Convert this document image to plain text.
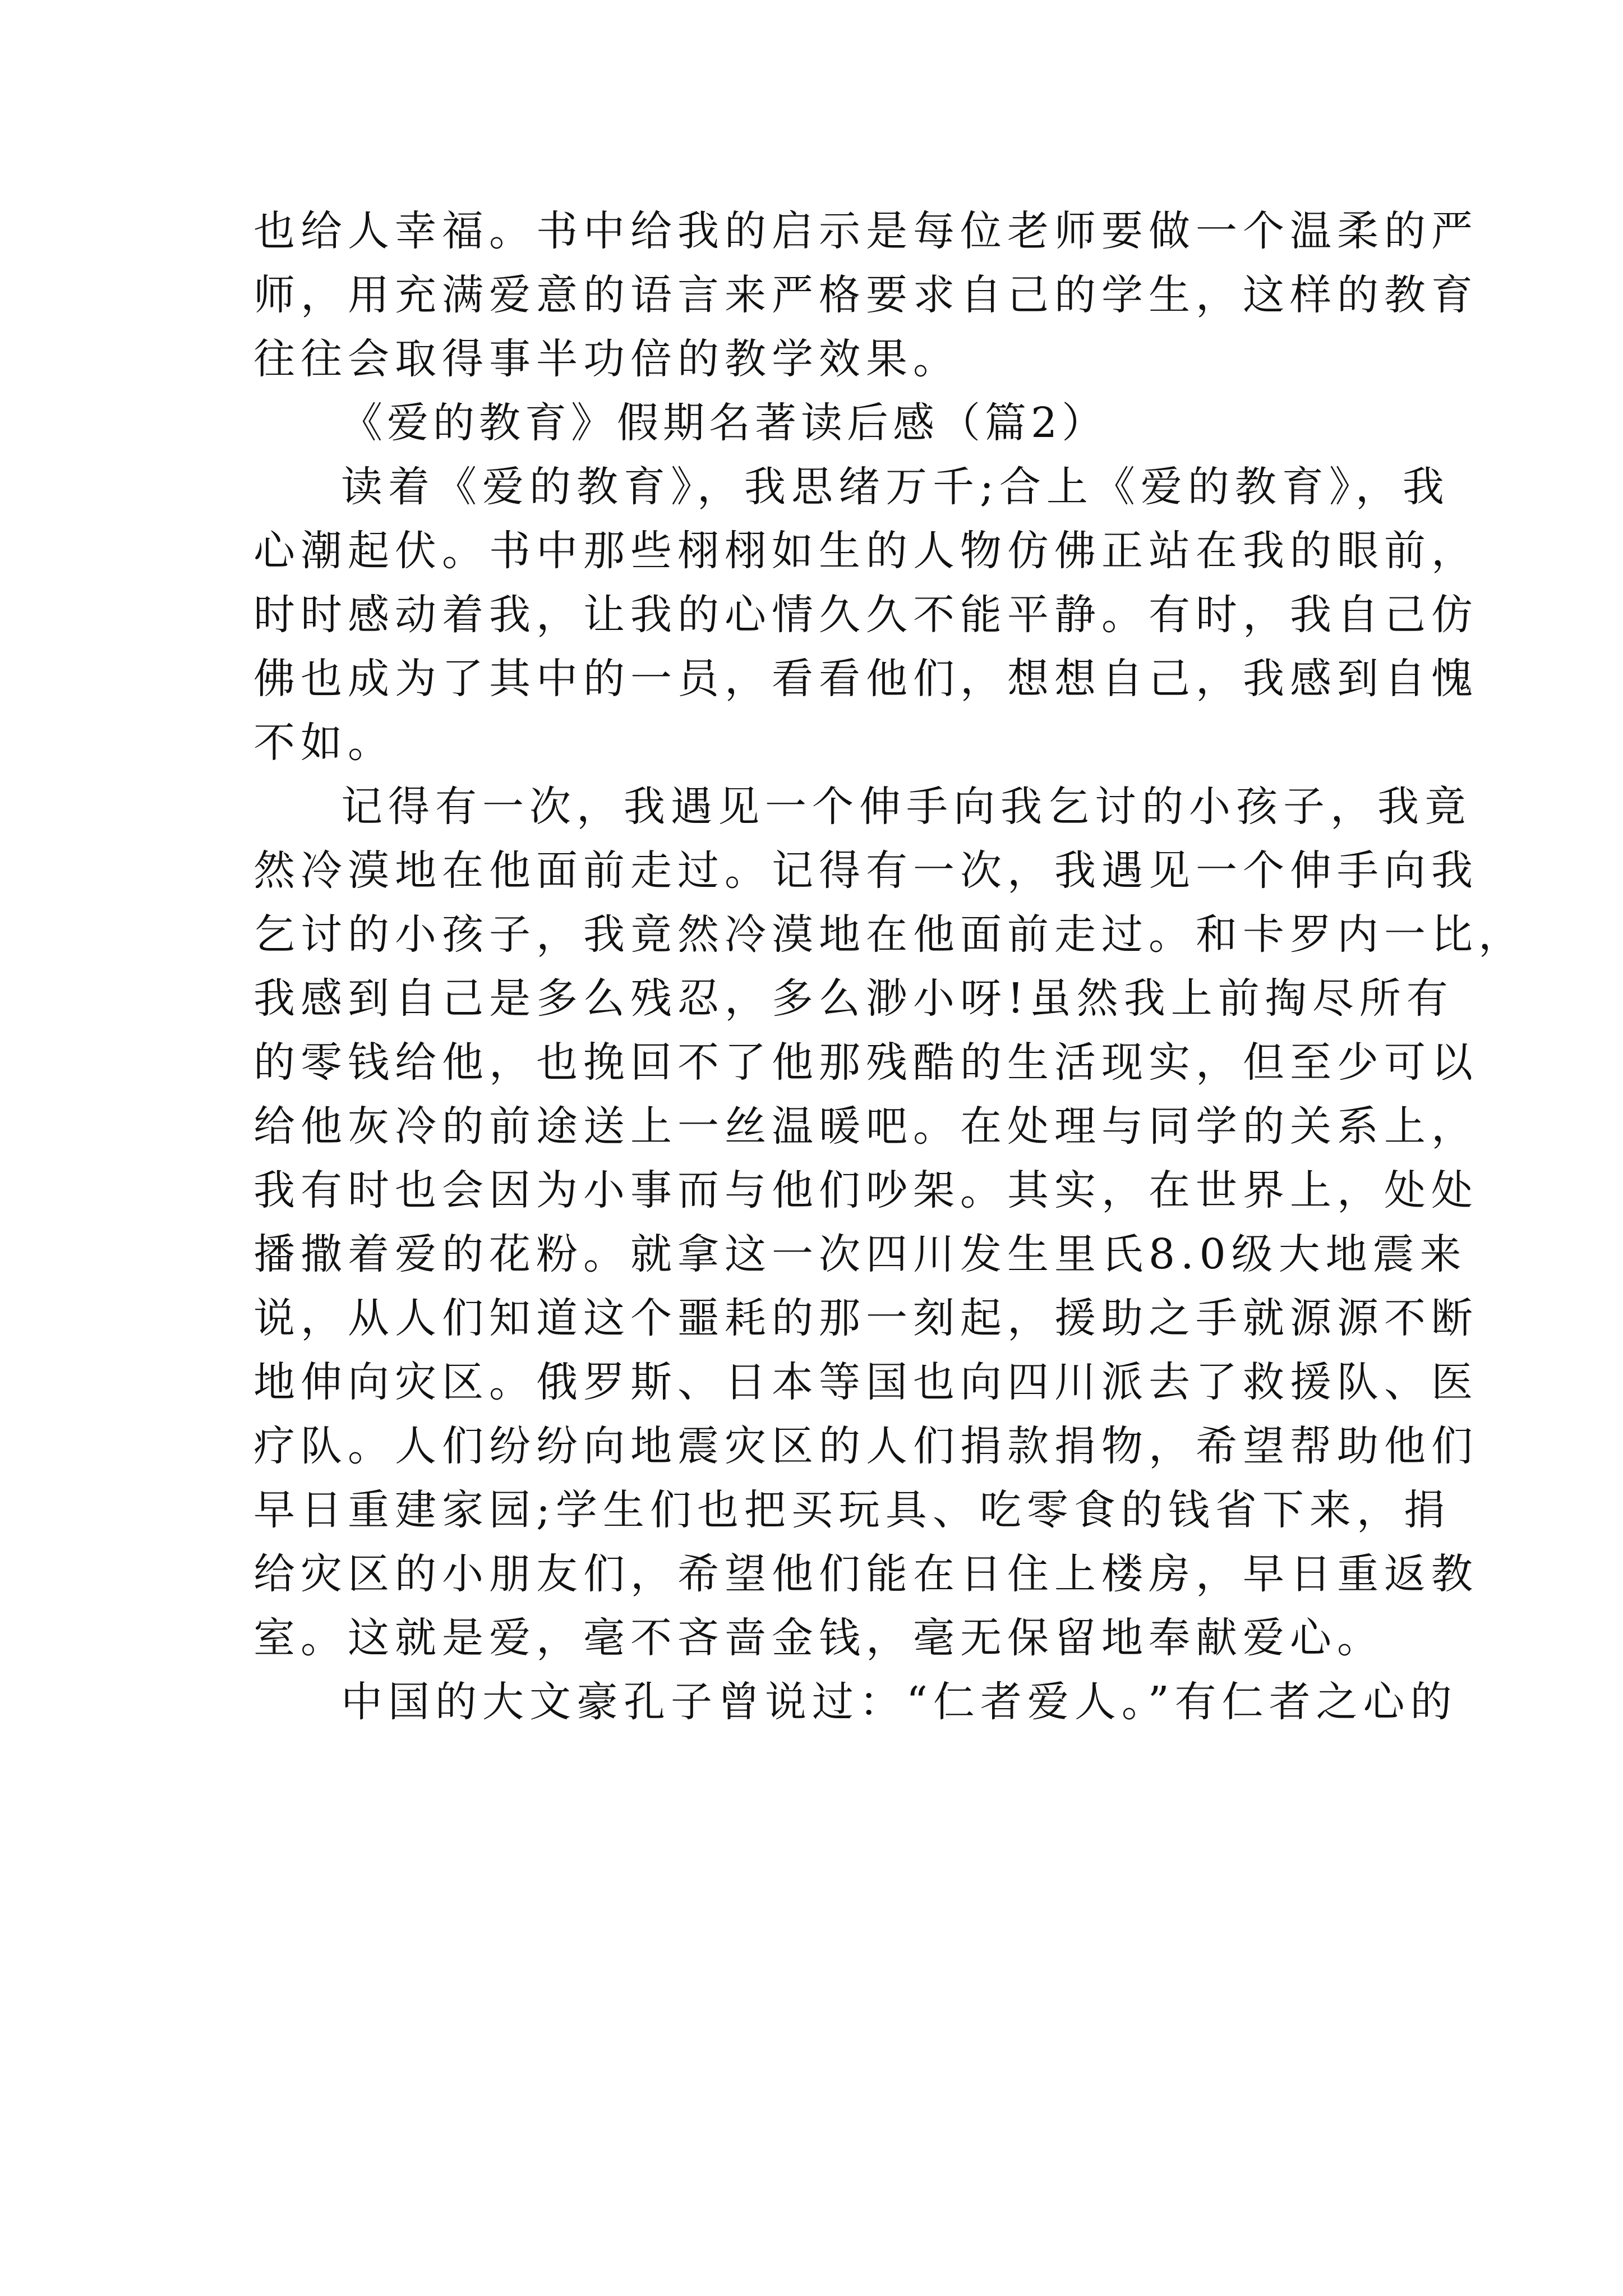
也给人幸福。书中给我的启示是每位老师要做一个温柔的严
师，用充满爱意的语言来严格要求自己的学生，这样的教育
往往会取得事半功倍的教学效果。
《爱的教育》假期名著读后感（篇2）
读着《爱的教育》，我思绪万千;合上《爱的教育》，我
心潮起伏。书中那些栩栩如生的人物仿佛正站在我的眼前，
时时感动着我，让我的心情久久不能平静。有时，我自己仿
佛也成为了其中的一员，看看他们，想想自己，我感到自愧
不如。
记得有一次，我遇见一个伸手向我乞讨的小孩子，我竟
然冷漠地在他面前走过。记得有一次，我遇见一个伸手向我
乞讨的小孩子，我竟然冷漠地在他面前走过。和卡罗内一比，
我感到自己是多么残忍，多么渺小呀!虽然我上前掏尽所有
的零钱给他，也挽回不了他那残酷的生活现实，但至少可以
给他灰冷的前途送上一丝温暖吧。在处理与同学的关系上，
我有时也会因为小事而与他们吵架。其实，在世界上，处处
播撒着爱的花粉。就拿这一次四川发生里氏8.0级大地震来
说，从人们知道这个噩耗的那一刻起，援助之手就源源不断
地伸向灾区。俄罗斯、日本等国也向四川派去了救援队、医
疗队。人们纷纷向地震灾区的人们捐款捐物，希望帮助他们
早日重建家园;学生们也把买玩具、吃零食的钱省下来，捐
给灾区的小朋友们，希望他们能在日住上楼房，早日重返教
室。这就是爱，毫不吝啬金钱，毫无保留地奉献爱心。
中国的大文豪孔子曾说过：“仁者爱人。”有仁者之心的
